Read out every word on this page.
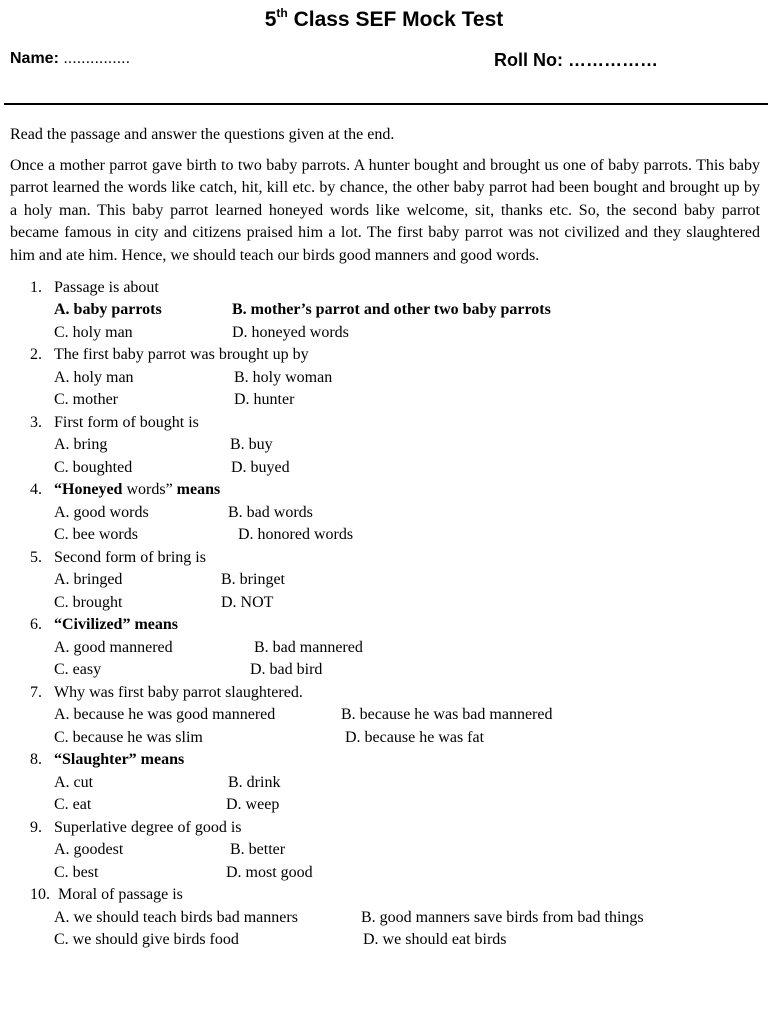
5th Class SEF Mock Test
Name: ...............	Roll No: ……………

Read the passage and answer the questions given at the end.

Once a mother parrot gave birth to two baby parrots. A hunter bought and brought us one of baby parrots. This baby parrot learned the words like catch, hit, kill etc. by chance, the other baby parrot had been bought and brought up by a holy man. This baby parrot learned honeyed words like welcome, sit, thanks etc. So, the second baby parrot became famous in city and citizens praised him a lot. The first baby parrot was not civilized and they slaughtered him and ate him. Hence, we should teach our birds good manners and good words.

1. Passage is about
A. baby parrots	B. mother’s parrot and other two baby parrots
C. holy man	D. honeyed words
2. The first baby parrot was brought up by
A. holy man	B. holy woman
C. mother	D. hunter
3. First form of bought is
A. bring	B. buy
C. boughted	D. buyed
4. “Honeyed words” means
A. good words	B. bad words
C. bee words	D. honored words
5. Second form of bring is
A. bringed	B. bringet
C. brought	D. NOT
6. “Civilized” means
A. good mannered	B. bad mannered
C. easy	D. bad bird
7. Why was first baby parrot slaughtered.
A. because he was good mannered	B. because he was bad mannered
C. because he was slim	D. because he was fat
8. “Slaughter” means
A. cut	B. drink
C. eat	D. weep
9. Superlative degree of good is
A. goodest	B. better
C. best	D. most good
10. Moral of passage is
A. we should teach birds bad manners	B. good manners save birds from bad things
C. we should give birds food	D. we should eat birds
